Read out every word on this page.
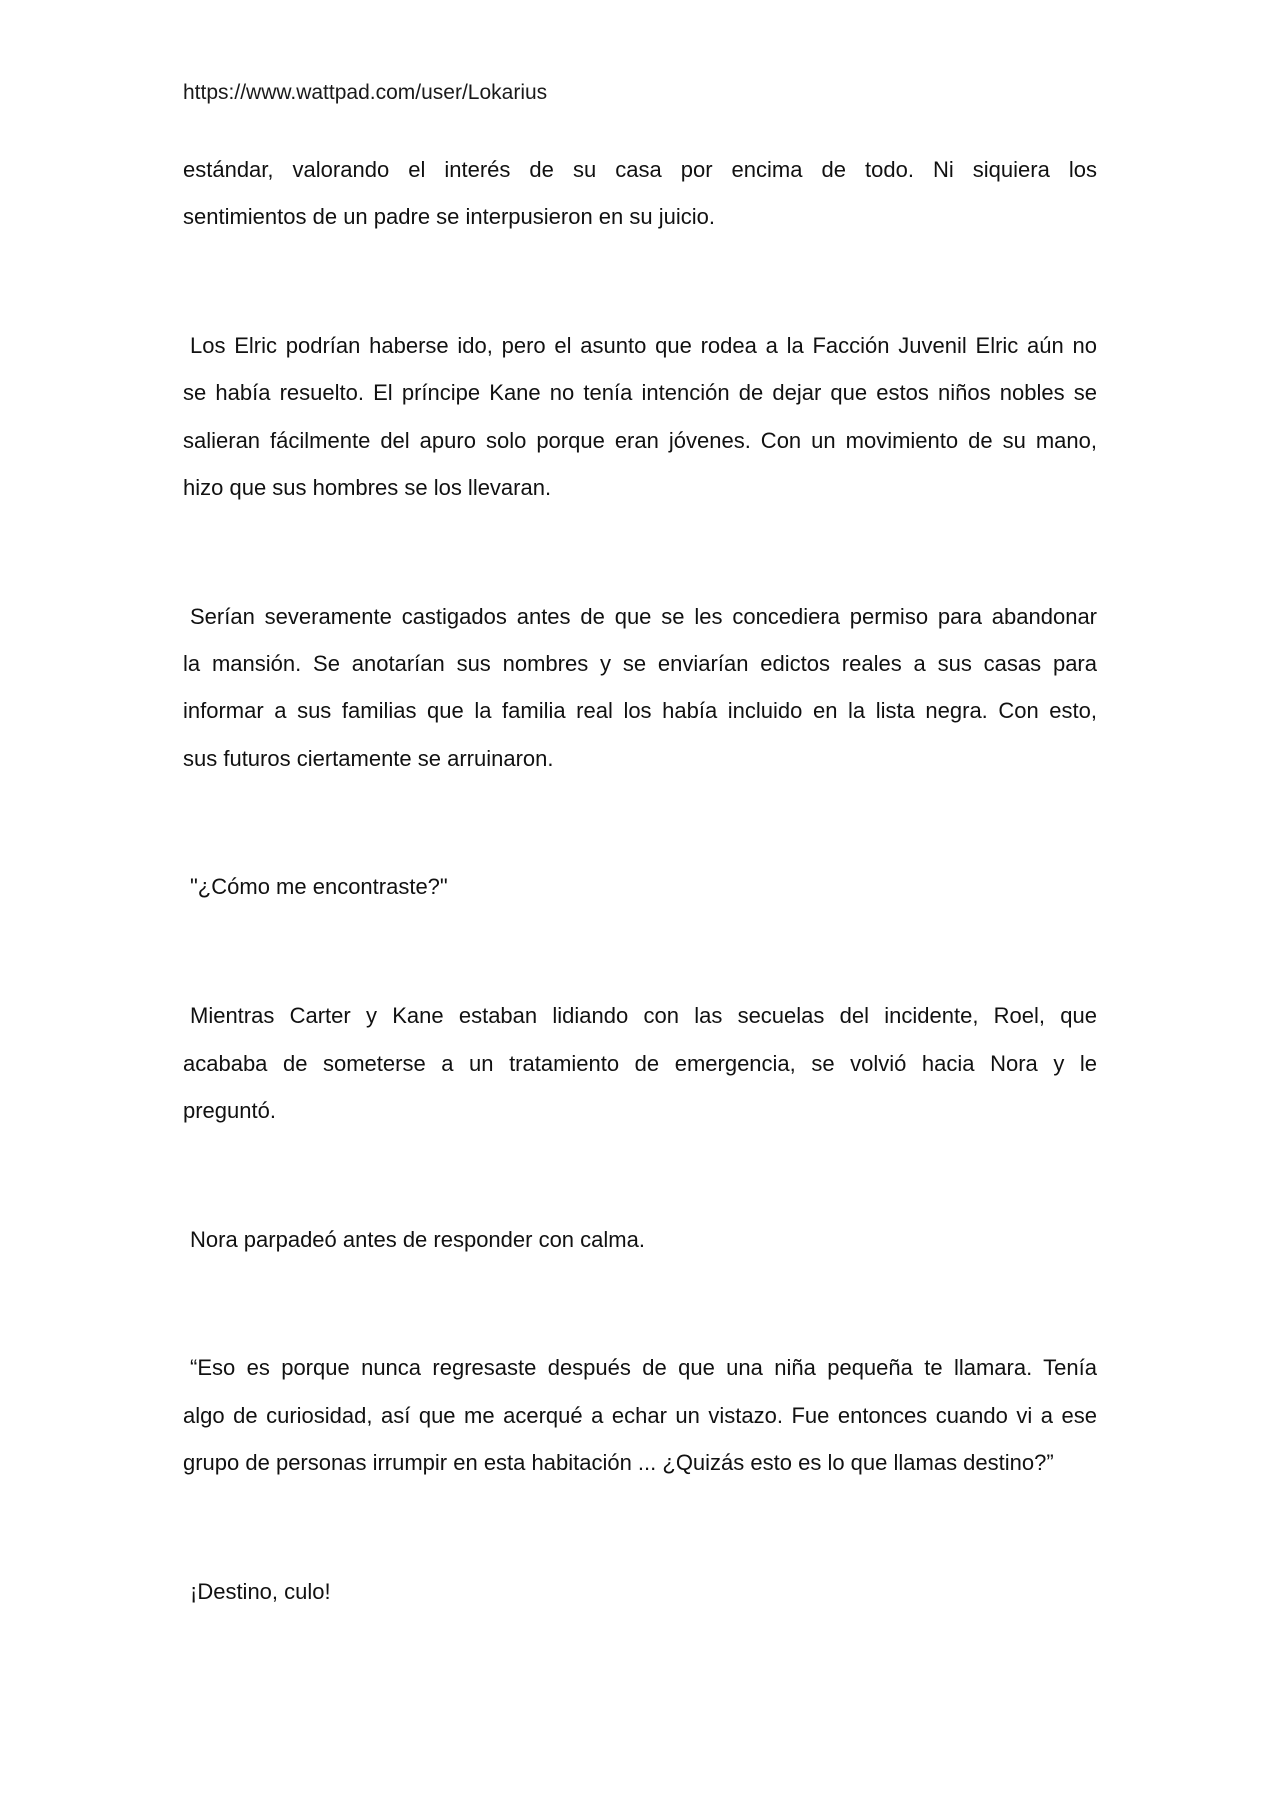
https://www.wattpad.com/user/Lokarius
estándar, valorando el interés de su casa por encima de todo. Ni siquiera los
sentimientos de un padre se interpusieron en su juicio.
Los Elric podrían haberse ido, pero el asunto que rodea a la Facción Juvenil Elric aún no
se había resuelto. El príncipe Kane no tenía intención de dejar que estos niños nobles se
salieran fácilmente del apuro solo porque eran jóvenes. Con un movimiento de su mano,
hizo que sus hombres se los llevaran.
Serían severamente castigados antes de que se les concediera permiso para abandonar
la mansión. Se anotarían sus nombres y se enviarían edictos reales a sus casas para
informar a sus familias que la familia real los había incluido en la lista negra. Con esto,
sus futuros ciertamente se arruinaron.
"¿Cómo me encontraste?"
Mientras Carter y Kane estaban lidiando con las secuelas del incidente, Roel, que
acababa de someterse a un tratamiento de emergencia, se volvió hacia Nora y le
preguntó.
Nora parpadeó antes de responder con calma.
“Eso es porque nunca regresaste después de que una niña pequeña te llamara. Tenía
algo de curiosidad, así que me acerqué a echar un vistazo. Fue entonces cuando vi a ese
grupo de personas irrumpir en esta habitación ... ¿Quizás esto es lo que llamas destino?”
¡Destino, culo!
